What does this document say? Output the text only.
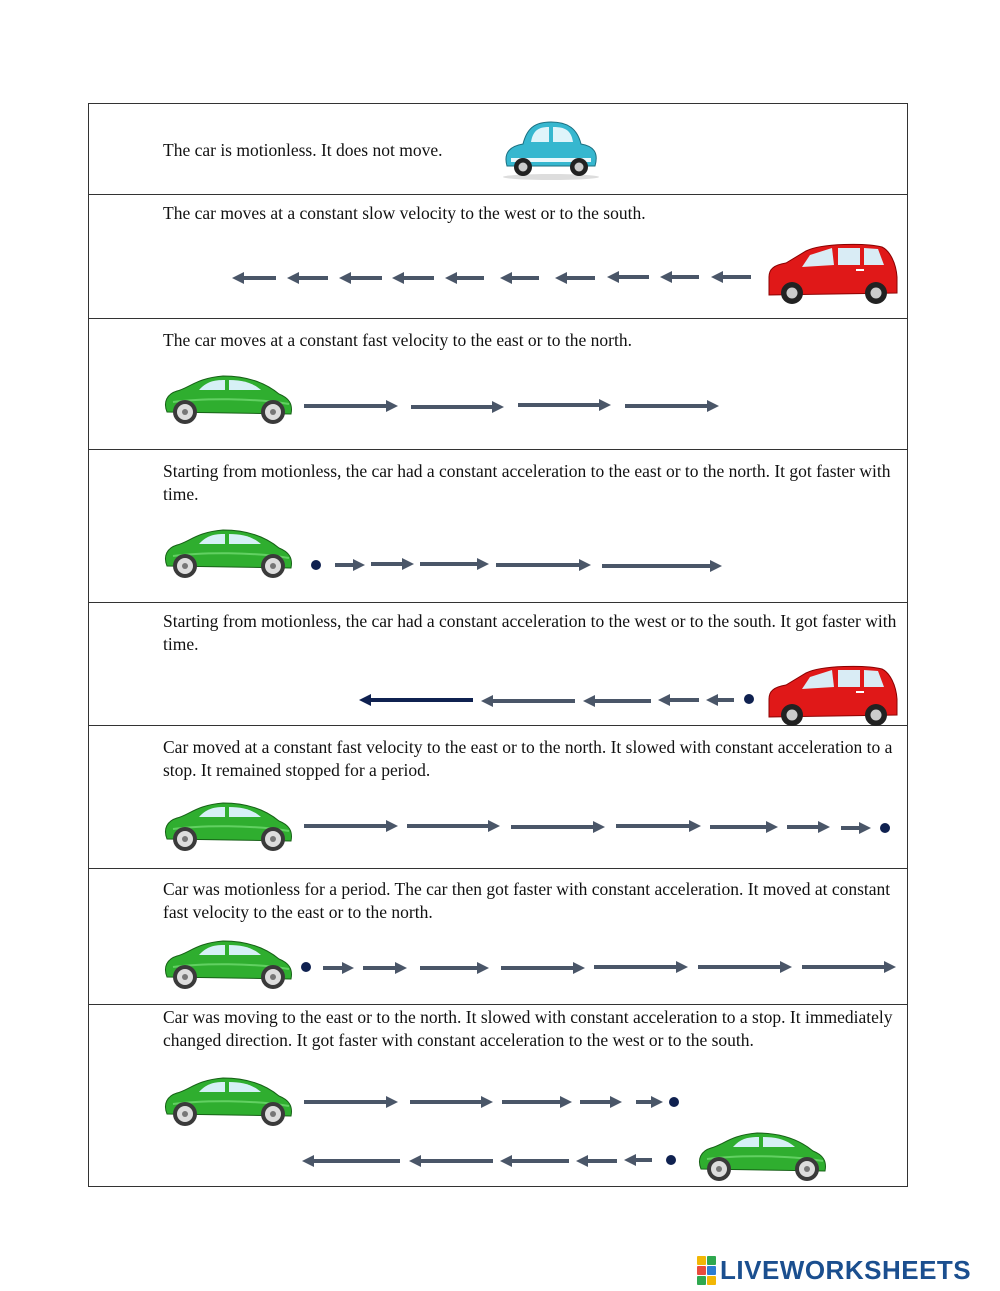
The car is motionless. It does not move.
The car moves at a constant slow velocity to the west or to the south.
The car moves at a constant fast velocity to the east or to the north.
Starting from motionless, the car had a constant acceleration to the east or to the north. It got faster with time.
Starting from motionless, the car had a constant acceleration to the west or to the south. It got faster with time.
Car moved at a constant fast velocity to the east or to the north. It slowed with constant acceleration to a stop. It remained stopped for a period.
Car was motionless for a period. The car then got faster with constant acceleration. It moved at constant fast velocity to the east or to the north.
Car was moving to the east or to the north. It slowed with constant acceleration to a stop. It immediately changed direction. It got faster with constant acceleration to the west or to the south.
LIVEWORKSHEETS
